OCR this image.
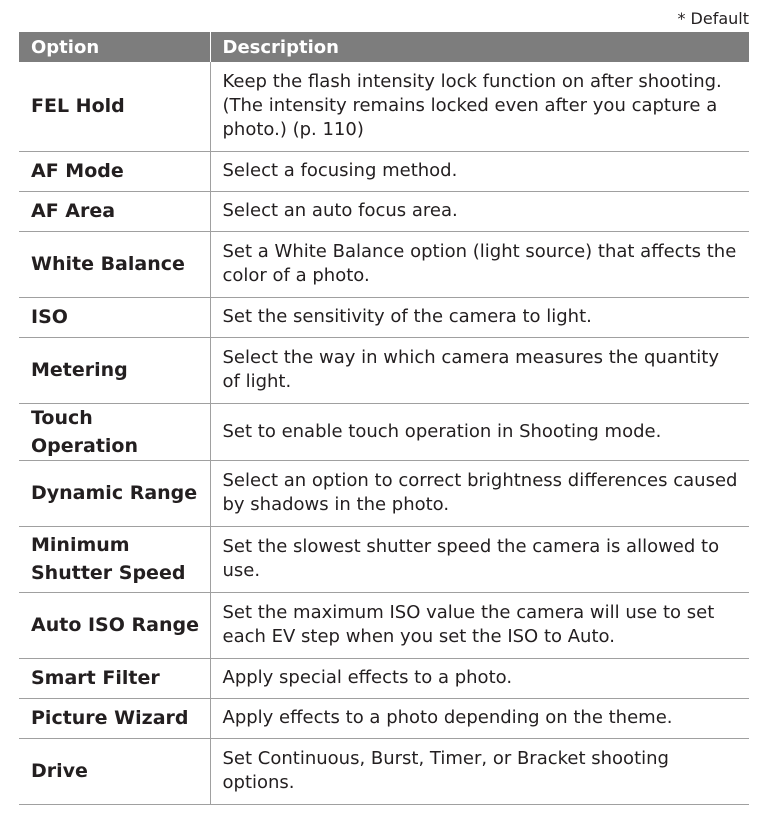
* Default
Option	Description
FEL Hold	Keep the flash intensity lock function on after shooting. (The intensity remains locked even after you capture a photo.) (p. 110)
AF Mode	Select a focusing method.
AF Area	Select an auto focus area.
White Balance	Set a White Balance option (light source) that affects the color of a photo.
ISO	Set the sensitivity of the camera to light.
Metering	Select the way in which camera measures the quantity of light.
Touch Operation	Set to enable touch operation in Shooting mode.
Dynamic Range	Select an option to correct brightness differences caused by shadows in the photo.
Minimum Shutter Speed	Set the slowest shutter speed the camera is allowed to use.
Auto ISO Range	Set the maximum ISO value the camera will use to set each EV step when you set the ISO to Auto.
Smart Filter	Apply special effects to a photo.
Picture Wizard	Apply effects to a photo depending on the theme.
Drive	Set Continuous, Burst, Timer, or Bracket shooting options.
